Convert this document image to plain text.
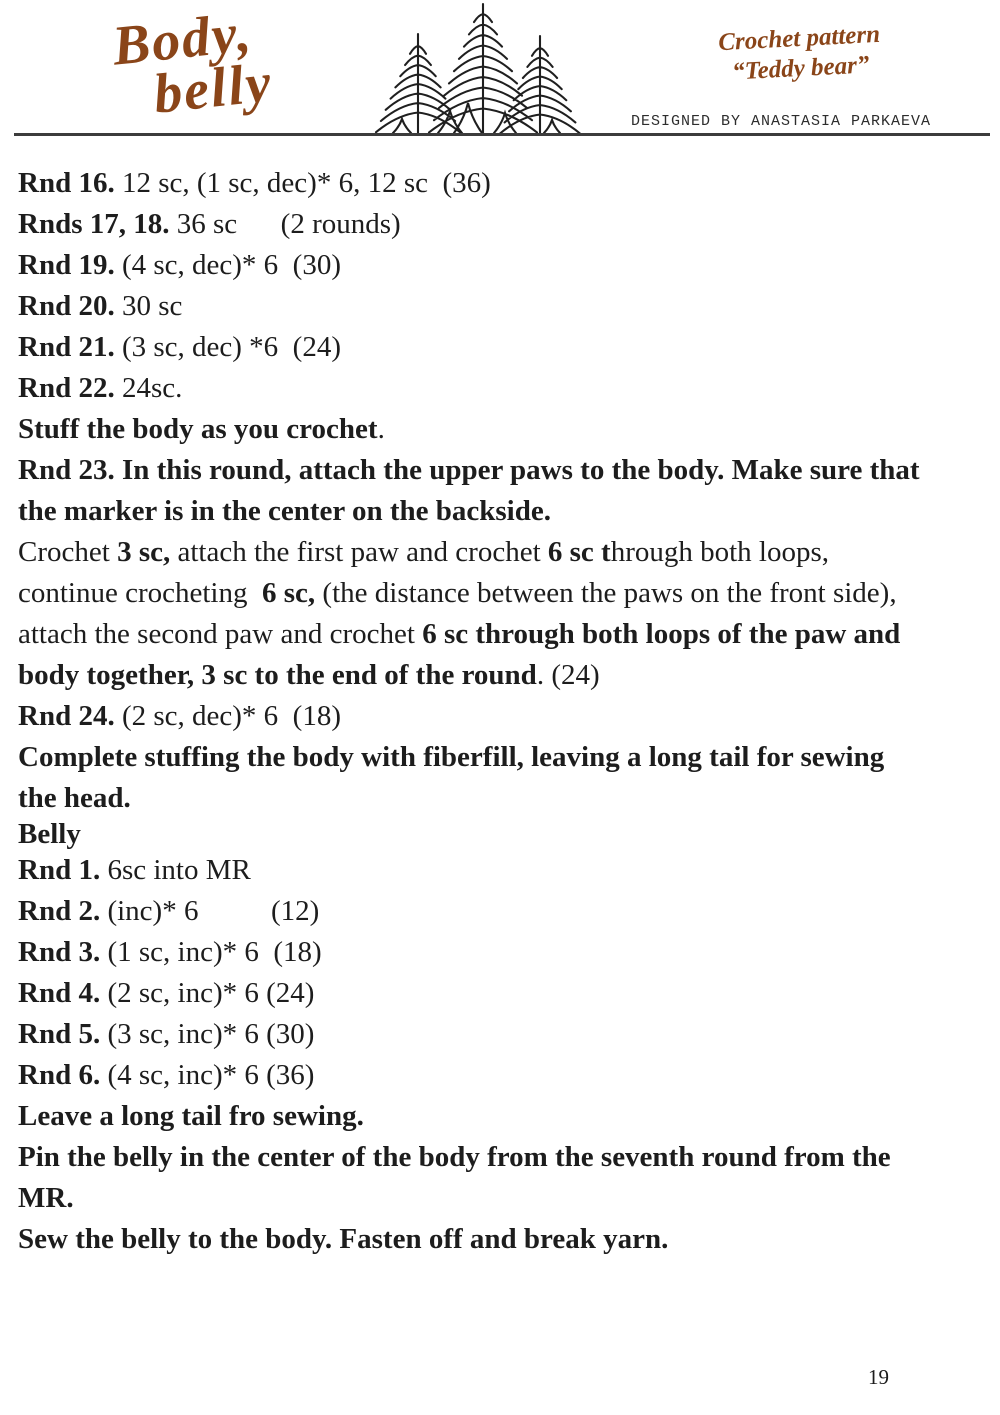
Body,
belly
Crochet pattern
“Teddy bear”
DESIGNED BY ANASTASIA PARKAEVA
Rnd 16. 12 sc, (1 sc, dec)* 6, 12 sc  (36)
Rnds 17, 18. 36 sc      (2 rounds)
Rnd 19. (4 sc, dec)* 6  (30)
Rnd 20. 30 sc
Rnd 21. (3 sc, dec) *6  (24)
Rnd 22. 24sc.
Stuff the body as you crochet.
Rnd 23. In this round, attach the upper paws to the body. Make sure that
the marker is in the center on the backside.
Crochet 3 sc, attach the first paw and crochet 6 sc through both loops,
continue crocheting  6 sc, (the distance between the paws on the front side),
attach the second paw and crochet 6 sc through both loops of the paw and
body together, 3 sc to the end of the round. (24)
Rnd 24. (2 sc, dec)* 6  (18)
Complete stuffing the body with fiberfill, leaving a long tail for sewing
the head.
Belly
Rnd 1. 6sc into MR
Rnd 2. (inc)* 6          (12)
Rnd 3. (1 sc, inc)* 6  (18)
Rnd 4. (2 sc, inc)* 6 (24)
Rnd 5. (3 sc, inc)* 6 (30)
Rnd 6. (4 sc, inc)* 6 (36)
Leave a long tail fro sewing.
Pin the belly in the center of the body from the seventh round from the
MR.
Sew the belly to the body. Fasten off and break yarn.
19
